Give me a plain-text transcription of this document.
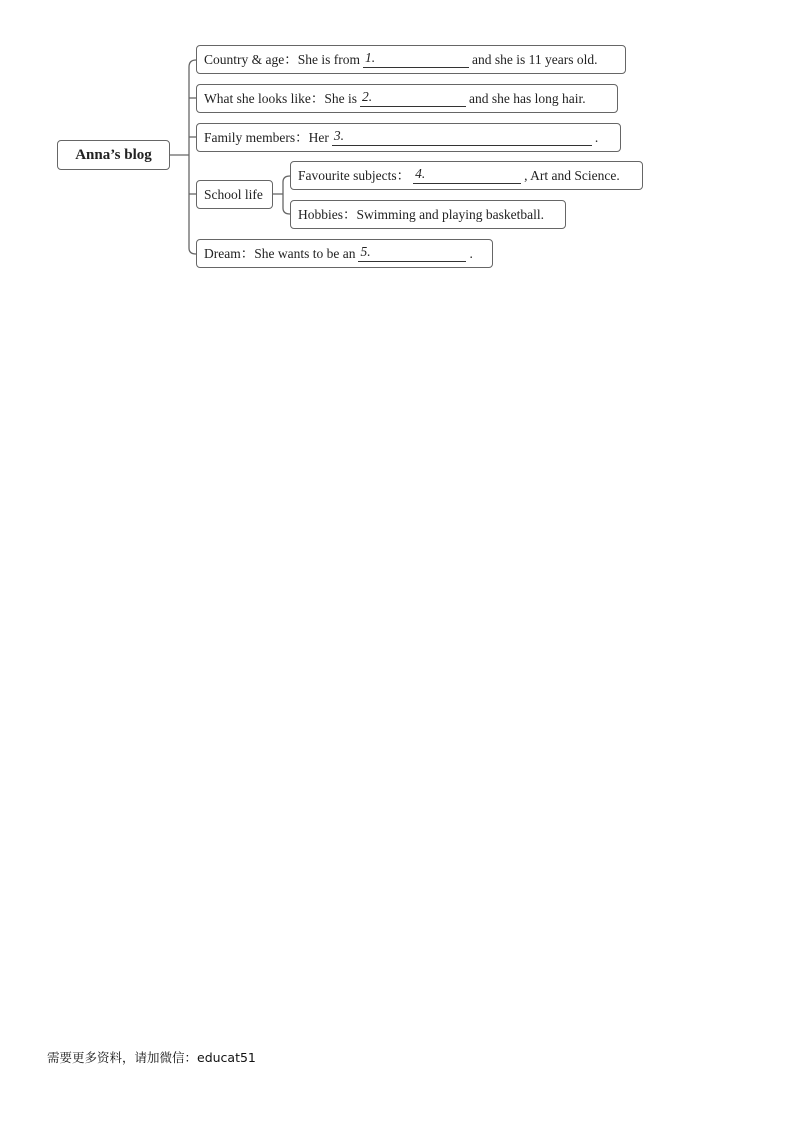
Anna’s blog
Country & age：She is from 1.	and she is 11 years old.
What she looks like：She is 2.	and she has long hair.
Family members：Her 3.	.
School life
Favourite subjects： 4.	, Art and Science.
Hobbies：Swimming and playing basketball.
Dream：She wants to be an 5.	.
需要更多资料，请加微信：educat51
